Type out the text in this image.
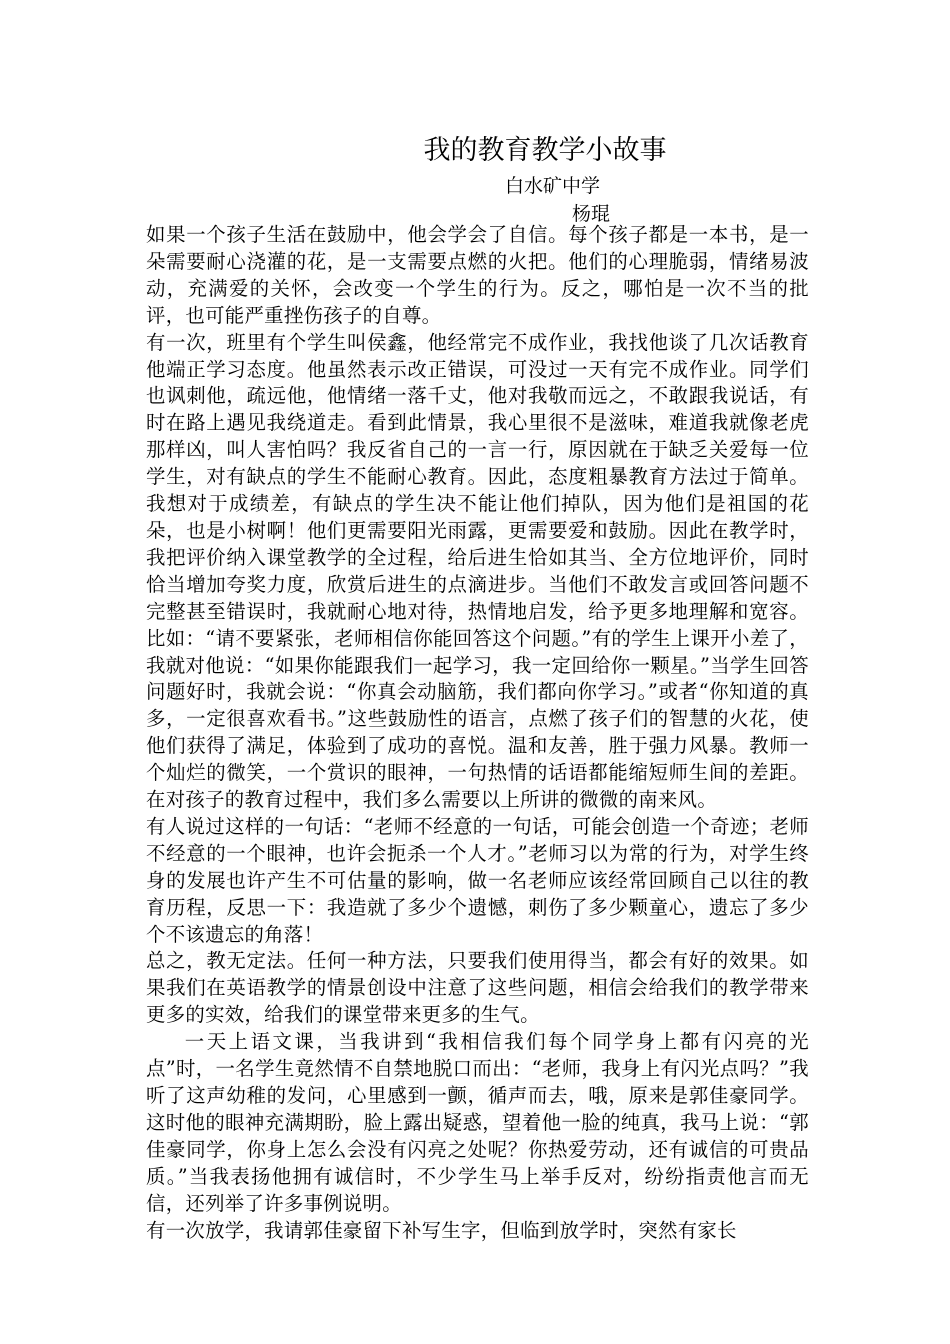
我的教育教学小故事
白水矿中学
杨琨

如果一个孩子生活在鼓励中，他会学会了自信。每个孩子都是一本书，是一朵需要耐心浇灌的花，是一支需要点燃的火把。他们的心理脆弱，情绪易波动，充满爱的关怀，会改变一个学生的行为。反之，哪怕是一次不当的批评，也可能严重挫伤孩子的自尊。

有一次，班里有个学生叫侯鑫，他经常完不成作业，我找他谈了几次话教育他端正学习态度。他虽然表示改正错误，可没过一天有完不成作业。同学们也讽刺他，疏远他，他情绪一落千丈，他对我敬而远之，不敢跟我说话，有时在路上遇见我绕道走。看到此情景，我心里很不是滋味，难道我就像老虎那样凶，叫人害怕吗？我反省自己的一言一行，原因就在于缺乏关爱每一位学生，对有缺点的学生不能耐心教育。因此，态度粗暴教育方法过于简单。我想对于成绩差，有缺点的学生决不能让他们掉队，因为他们是祖国的花朵，也是小树啊！他们更需要阳光雨露，更需要爱和鼓励。因此在教学时，我把评价纳入课堂教学的全过程，给后进生恰如其当、全方位地评价，同时恰当增加夸奖力度，欣赏后进生的点滴进步。当他们不敢发言或回答问题不完整甚至错误时，我就耐心地对待，热情地启发，给予更多地理解和宽容。比如：“请不要紧张，老师相信你能回答这个问题。”有的学生上课开小差了，我就对他说：“如果你能跟我们一起学习，我一定回给你一颗星。”当学生回答问题好时，我就会说：“你真会动脑筋，我们都向你学习。”或者“你知道的真多，一定很喜欢看书。”这些鼓励性的语言，点燃了孩子们的智慧的火花，使他们获得了满足，体验到了成功的喜悦。温和友善，胜于强力风暴。教师一个灿烂的微笑，一个赏识的眼神，一句热情的话语都能缩短师生间的差距。在对孩子的教育过程中，我们多么需要以上所讲的微微的南来风。

有人说过这样的一句话：“老师不经意的一句话，可能会创造一个奇迹；老师不经意的一个眼神，也许会扼杀一个人才。”老师习以为常的行为，对学生终身的发展也许产生不可估量的影响，做一名老师应该经常回顾自己以往的教育历程，反思一下：我造就了多少个遗憾，刺伤了多少颗童心，遗忘了多少个不该遗忘的角落！

总之，教无定法。任何一种方法，只要我们使用得当，都会有好的效果。如果我们在英语教学的情景创设中注意了这些问题，相信会给我们的教学带来更多的实效，给我们的课堂带来更多的生气。

一天上语文课，当我讲到“我相信我们每个同学身上都有闪亮的光点”时，一名学生竟然情不自禁地脱口而出：“老师，我身上有闪光点吗？”我听了这声幼稚的发问，心里感到一颤，循声而去，哦，原来是郭佳豪同学。这时他的眼神充满期盼，脸上露出疑惑，望着他一脸的纯真，我马上说：“郭佳豪同学，你身上怎么会没有闪亮之处呢？你热爱劳动，还有诚信的可贵品质。”当我表扬他拥有诚信时，不少学生马上举手反对，纷纷指责他言而无信，还列举了许多事例说明。

有一次放学，我请郭佳豪留下补写生字，但临到放学时，突然有家长
